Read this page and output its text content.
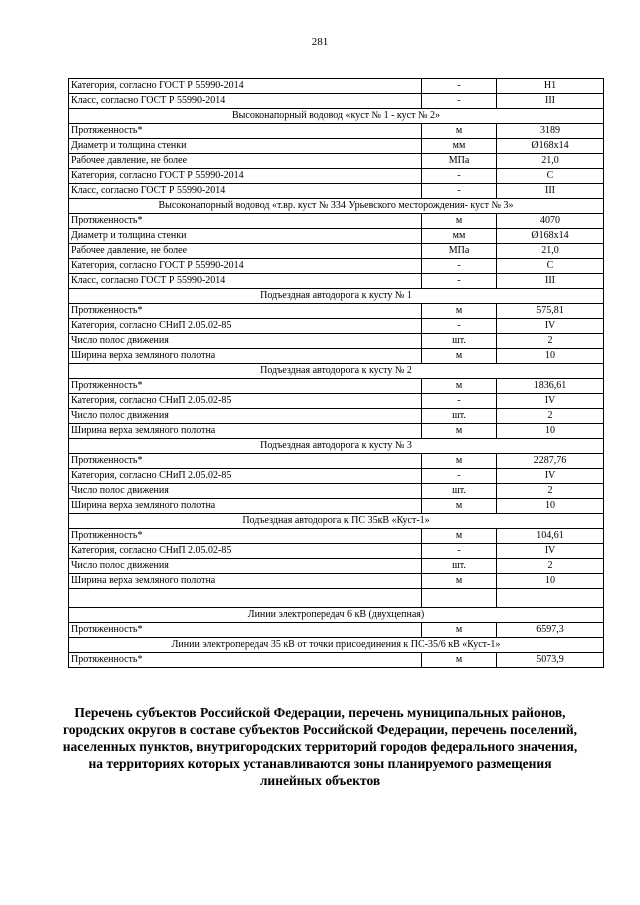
281
Категория, согласно ГОСТ Р 55990-2014	-	Н1
Класс, согласно ГОСТ Р 55990-2014	-	III
Высоконапорный водовод «куст № 1 - куст № 2»		
Протяженность*	м	3189
Диаметр и толщина стенки	мм	Ø168х14
Рабочее давление, не более	МПа	21,0
Категория, согласно ГОСТ Р 55990-2014	-	С
Класс, согласно ГОСТ Р 55990-2014	-	III
Высоконапорный водовод «т.вр. куст № 334 Урьевского месторождения- куст № 3»		
Протяженность*	м	4070
Диаметр и толщина стенки	мм	Ø168х14
Рабочее давление, не более	МПа	21,0
Категория, согласно ГОСТ Р 55990-2014	-	С
Класс, согласно ГОСТ Р 55990-2014	-	III
Подъездная автодорога к кусту № 1		
Протяженность*	м	575,81
Категория, согласно СНиП 2.05.02-85	-	IV
Число полос движения	шт.	2
Ширина верха земляного полотна	м	10
Подъездная автодорога к кусту № 2		
Протяженность*	м	1836,61
Категория, согласно СНиП 2.05.02-85	-	IV
Число полос движения	шт.	2
Ширина верха земляного полотна	м	10
Подъездная автодорога к кусту № 3		
Протяженность*	м	2287,76
Категория, согласно СНиП 2.05.02-85	-	IV
Число полос движения	шт.	2
Ширина верха земляного полотна	м	10
Подъездная автодорога к ПС 35кВ «Куст-1»		
Протяженность*	м	104,61
Категория, согласно СНиП 2.05.02-85	-	IV
Число полос движения	шт.	2
Ширина верха земляного полотна	м	10

Линии электропередач 6 кВ (двухцепная)		
Протяженность*	м	6597,3
Линии электропередач 35 кВ от точки присоединения к ПС-35/6 кВ «Куст-1»		
Протяженность*	м	5073,9
Перечень субъектов Российской Федерации, перечень муниципальных районов, городских округов в составе субъектов Российской Федерации, перечень поселений, населенных пунктов, внутригородских территорий городов федерального значения, на территориях которых устанавливаются зоны планируемого размещения линейных объектов
